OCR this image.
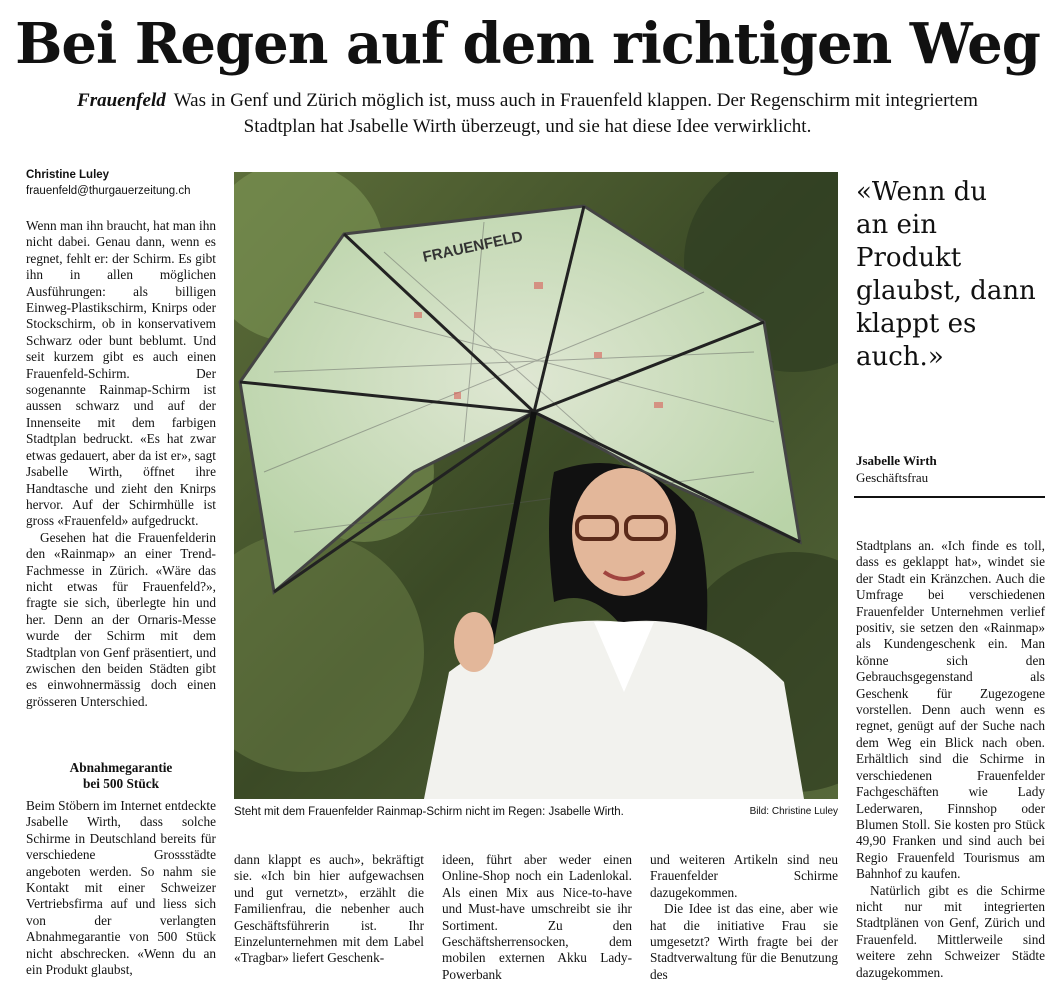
Bei Regen auf dem richtigen Weg
Frauenfeld Was in Genf und Zürich möglich ist, muss auch in Frauenfeld klappen. Der Regenschirm mit integriertem Stadtplan hat Jsabelle Wirth überzeugt, und sie hat diese Idee verwirklicht.
Christine Luley
frauenfeld@thurgauerzeitung.ch

Wenn man ihn braucht, hat man ihn nicht dabei. Genau dann, wenn es regnet, fehlt er: der Schirm. Es gibt ihn in allen möglichen Ausführungen: als billigen Einweg-Plastikschirm, Knirps oder Stockschirm, ob in konservativem Schwarz oder bunt beblumt. Und seit kurzem gibt es auch einen Frauenfeld-Schirm. Der sogenannte Rainmap-Schirm ist aussen schwarz und auf der Innenseite mit dem farbigen Stadtplan bedruckt. «Es hat zwar etwas gedauert, aber da ist er», sagt Jsabelle Wirth, öffnet ihre Handtasche und zieht den Knirps hervor. Auf der Schirmhülle ist gross «Frauenfeld» aufgedruckt.

Gesehen hat die Frauenfelderin den «Rainmap» an einer Trend-Fachmesse in Zürich. «Wäre das nicht etwas für Frauenfeld?», fragte sie sich, überlegte hin und her. Denn an der Ornaris-Messe wurde der Schirm mit dem Stadtplan von Genf präsentiert, und zwischen den beiden Städten gibt es einwohnermässig doch einen grösseren Unterschied.

Abnahmegarantie
bei 500 Stück

Beim Stöbern im Internet entdeckte Jsabelle Wirth, dass solche Schirme in Deutschland bereits für verschiedene Grossstädte angeboten werden. So nahm sie Kontakt mit einer Schweizer Vertriebsfirma auf und liess sich von der verlangten Abnahmegarantie von 500 Stück nicht abschrecken. «Wenn du an ein Produkt glaubst,

FRAUENFELD
Steht mit dem Frauenfelder Rainmap-Schirm nicht im Regen: Jsabelle Wirth.	Bild: Christine Luley
«Wenn du
an ein Produkt
glaubst, dann
klappt es
auch.»
Jsabelle Wirth
Geschäftsfrau

dann klappt es auch», bekräftigt sie. «Ich bin hier aufgewachsen und gut vernetzt», erzählt die Familienfrau, die nebenher auch Geschäftsführerin ist. Ihr Einzelunternehmen mit dem Label «Tragbar» liefert Geschenk-

ideen, führt aber weder einen Online-Shop noch ein Ladenlokal. Als einen Mix aus Nice-to-have und Must-have umschreibt sie ihr Sortiment. Zu den Geschäftsherrensocken, dem mobilen externen Akku Lady-Powerbank

und weiteren Artikeln sind neu Frauenfelder Schirme dazugekommen.

Die Idee ist das eine, aber wie hat die initiative Frau sie umgesetzt? Wirth fragte bei der Stadtverwaltung für die Benutzung des

Stadtplans an. «Ich finde es toll, dass es geklappt hat», windet sie der Stadt ein Kränzchen. Auch die Umfrage bei verschiedenen Frauenfelder Unternehmen verlief positiv, sie setzen den «Rainmap» als Kundengeschenk ein. Man könne sich den Gebrauchsgegenstand als Geschenk für Zugezogene vorstellen. Denn auch wenn es regnet, genügt auf der Suche nach dem Weg ein Blick nach oben. Erhältlich sind die Schirme in verschiedenen Frauenfelder Fachgeschäften wie Lady Lederwaren, Finnshop oder Blumen Stoll. Sie kosten pro Stück 49,90 Franken und sind auch bei Regio Frauenfeld Tourismus am Bahnhof zu kaufen.

Natürlich gibt es die Schirme nicht nur mit integrierten Stadtplänen von Genf, Zürich und Frauenfeld. Mittlerweile sind weitere zehn Schweizer Städte dazugekommen.
